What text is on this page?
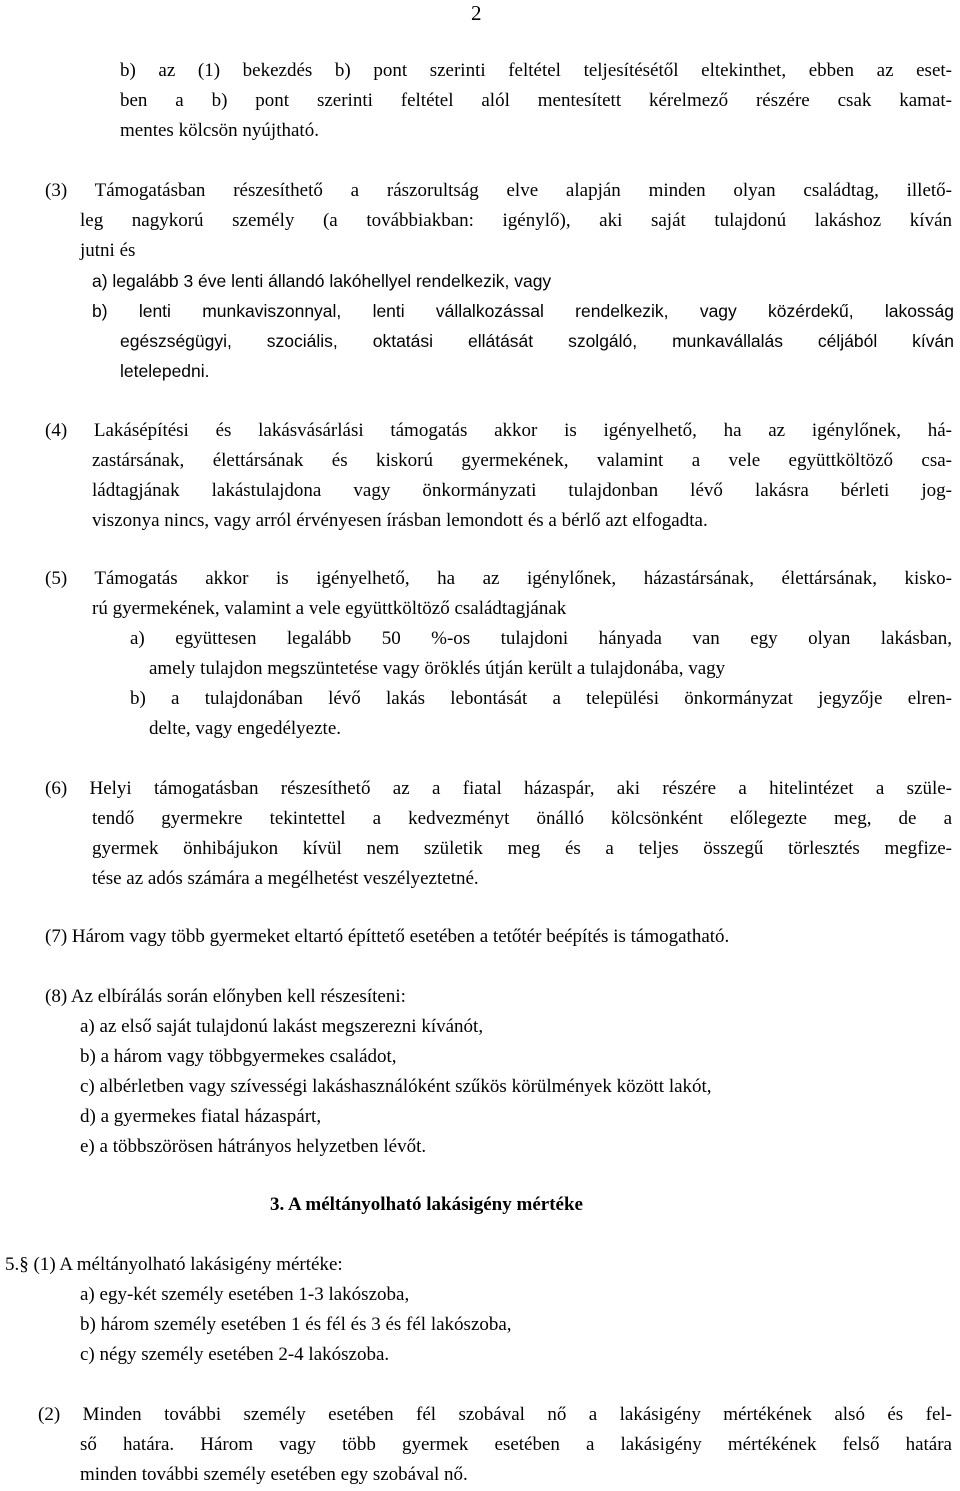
2
b) az (1) bekezdés b) pont szerinti feltétel teljesítésétől eltekinthet, ebben az eset-
ben a b) pont szerinti feltétel alól mentesített kérelmező részére csak kamat-
mentes kölcsön nyújtható.
(3) Támogatásban részesíthető a rászorultság elve alapján minden olyan családtag, illető-
leg nagykorú személy (a továbbiakban: igénylő), aki saját tulajdonú lakáshoz kíván
jutni és
a) legalább 3 éve lenti állandó lakóhellyel rendelkezik, vagy
b) lenti munkaviszonnyal, lenti vállalkozással rendelkezik, vagy közérdekű, lakosság
egészségügyi, szociális, oktatási ellátását szolgáló, munkavállalás céljából kíván
letelepedni.
(4) Lakásépítési és lakásvásárlási támogatás akkor is igényelhető, ha az igénylőnek, há-
zastársának, élettársának és kiskorú gyermekének, valamint a vele együttköltöző csa-
ládtagjának lakástulajdona vagy önkormányzati tulajdonban lévő lakásra bérleti jog-
viszonya nincs, vagy arról érvényesen írásban lemondott és a bérlő azt elfogadta.
(5) Támogatás akkor is igényelhető, ha az igénylőnek, házastársának, élettársának, kisko-
rú gyermekének, valamint a vele együttköltöző családtagjának
a) együttesen legalább 50 %-os tulajdoni hányada van egy olyan lakásban,
amely tulajdon megszüntetése vagy öröklés útján került a tulajdonába, vagy
b) a tulajdonában lévő lakás lebontását a települési önkormányzat jegyzője elren-
delte, vagy engedélyezte.
(6) Helyi támogatásban részesíthető az a fiatal házaspár, aki részére a hitelintézet a szüle-
tendő gyermekre tekintettel a kedvezményt önálló kölcsönként előlegezte meg, de a
gyermek önhibájukon kívül nem születik meg és a teljes összegű törlesztés megfize-
tése az adós számára a megélhetést veszélyeztetné.
(7) Három vagy több gyermeket eltartó építtető esetében a tetőtér beépítés is támogatható.
(8) Az elbírálás során előnyben kell részesíteni:
a) az első saját tulajdonú lakást megszerezni kívánót,
b) a három vagy többgyermekes családot,
c) albérletben vagy szívességi lakáshasználóként szűkös körülmények között lakót,
d) a gyermekes fiatal házaspárt,
e) a többszörösen hátrányos helyzetben lévőt.
3. A méltányolható lakásigény mértéke
5.§ (1) A méltányolható lakásigény mértéke:
a) egy-két személy esetében 1-3 lakószoba,
b) három személy esetében 1 és fél és 3 és fél lakószoba,
c) négy személy esetében 2-4 lakószoba.
(2) Minden további személy esetében fél szobával nő a lakásigény mértékének alsó és fel-
ső határa. Három vagy több gyermek esetében a lakásigény mértékének felső határa
minden további személy esetében egy szobával nő.
